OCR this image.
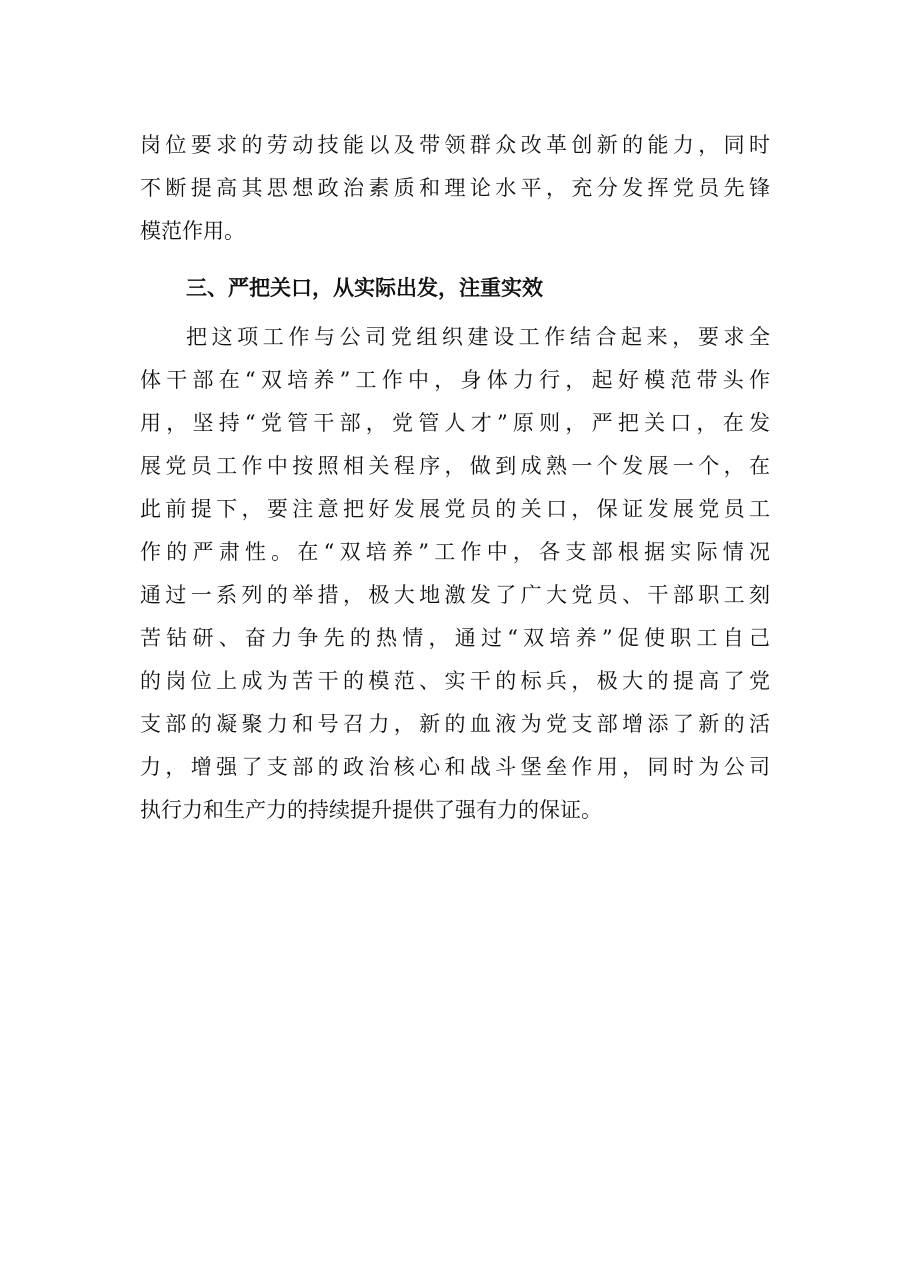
岗位要求的劳动技能以及带领群众改革创新的能力，同时
不断提高其思想政治素质和理论水平，充分发挥党员先锋
模范作用。
三、严把关口，从实际出发，注重实效
把这项工作与公司党组织建设工作结合起来，要求全
体干部在“双培养”工作中，身体力行，起好模范带头作
用，坚持“党管干部，党管人才”原则，严把关口，在发
展党员工作中按照相关程序，做到成熟一个发展一个，在
此前提下，要注意把好发展党员的关口，保证发展党员工
作的严肃性。在“双培养”工作中，各支部根据实际情况
通过一系列的举措，极大地激发了广大党员、干部职工刻
苦钻研、奋力争先的热情，通过“双培养”促使职工自己
的岗位上成为苦干的模范、实干的标兵，极大的提高了党
支部的凝聚力和号召力，新的血液为党支部增添了新的活
力，增强了支部的政治核心和战斗堡垒作用，同时为公司
执行力和生产力的持续提升提供了强有力的保证。
